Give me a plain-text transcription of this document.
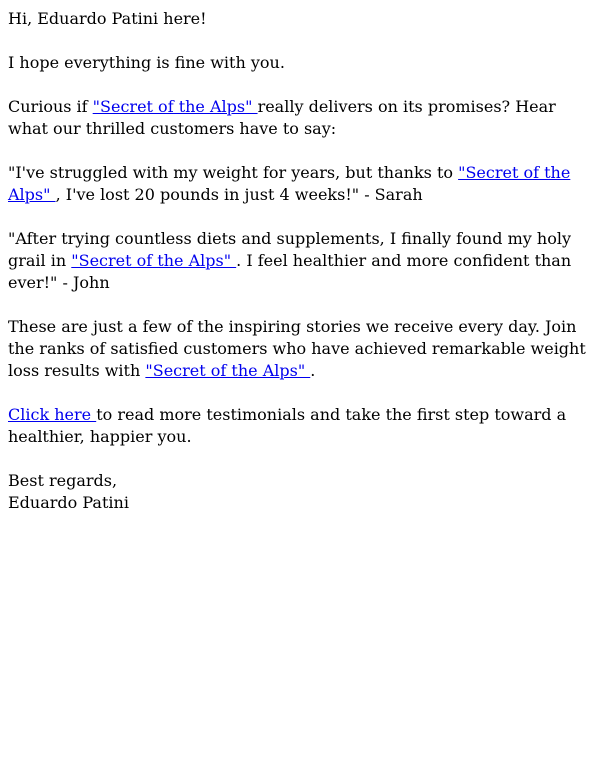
Hi, Eduardo Patini here!

I hope everything is fine with you.

Curious if "Secret of the Alps" really delivers on its promises? Hear what our thrilled customers have to say:

"I've struggled with my weight for years, but thanks to "Secret of the Alps" , I've lost 20 pounds in just 4 weeks!" - Sarah

"After trying countless diets and supplements, I finally found my holy grail in "Secret of the Alps" . I feel healthier and more confident than ever!" - John

These are just a few of the inspiring stories we receive every day. Join the ranks of satisfied customers who have achieved remarkable weight loss results with "Secret of the Alps" .

Click here to read more testimonials and take the first step toward a healthier, happier you.

Best regards,
Eduardo Patini
